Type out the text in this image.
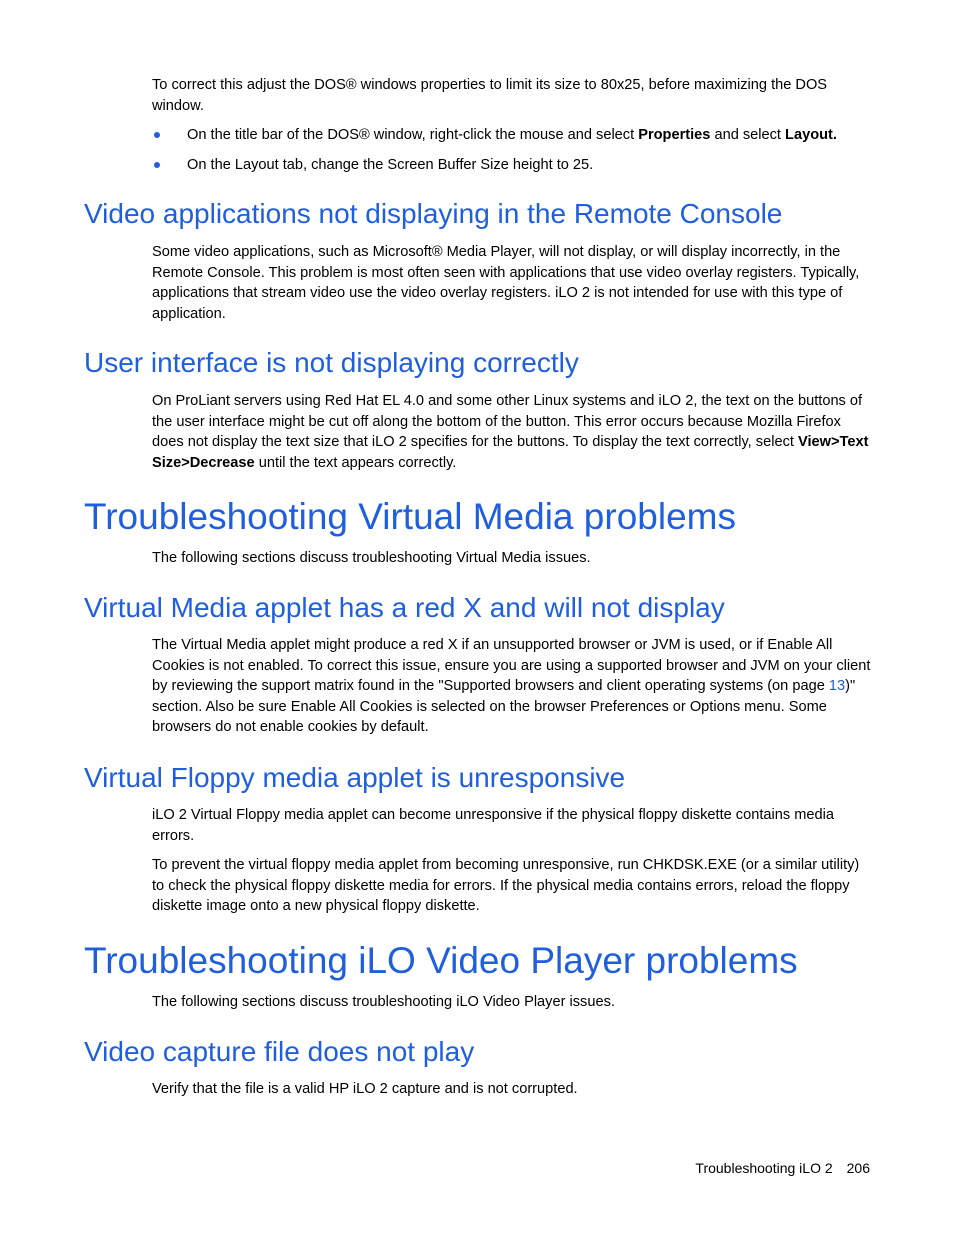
To correct this adjust the DOS® windows properties to limit its size to 80x25, before maximizing the DOS window.

On the title bar of the DOS® window, right-click the mouse and select Properties and select Layout.
On the Layout tab, change the Screen Buffer Size height to 25.
Video applications not displaying in the Remote Console

Some video applications, such as Microsoft® Media Player, will not display, or will display incorrectly, in the Remote Console. This problem is most often seen with applications that use video overlay registers. Typically, applications that stream video use the video overlay registers. iLO 2 is not intended for use with this type of application.

User interface is not displaying correctly

On ProLiant servers using Red Hat EL 4.0 and some other Linux systems and iLO 2, the text on the buttons of the user interface might be cut off along the bottom of the button. This error occurs because Mozilla Firefox does not display the text size that iLO 2 specifies for the buttons. To display the text correctly, select View>Text Size>Decrease until the text appears correctly.

Troubleshooting Virtual Media problems

The following sections discuss troubleshooting Virtual Media issues.

Virtual Media applet has a red X and will not display

The Virtual Media applet might produce a red X if an unsupported browser or JVM is used, or if Enable All Cookies is not enabled. To correct this issue, ensure you are using a supported browser and JVM on your client by reviewing the support matrix found in the "Supported browsers and client operating systems (on page 13)" section. Also be sure Enable All Cookies is selected on the browser Preferences or Options menu. Some browsers do not enable cookies by default.

Virtual Floppy media applet is unresponsive

iLO 2 Virtual Floppy media applet can become unresponsive if the physical floppy diskette contains media errors.

To prevent the virtual floppy media applet from becoming unresponsive, run CHKDSK.EXE (or a similar utility) to check the physical floppy diskette media for errors. If the physical media contains errors, reload the floppy diskette image onto a new physical floppy diskette.

Troubleshooting iLO Video Player problems

The following sections discuss troubleshooting iLO Video Player issues.

Video capture file does not play

Verify that the file is a valid HP iLO 2 capture and is not corrupted.

Troubleshooting iLO 2 206
